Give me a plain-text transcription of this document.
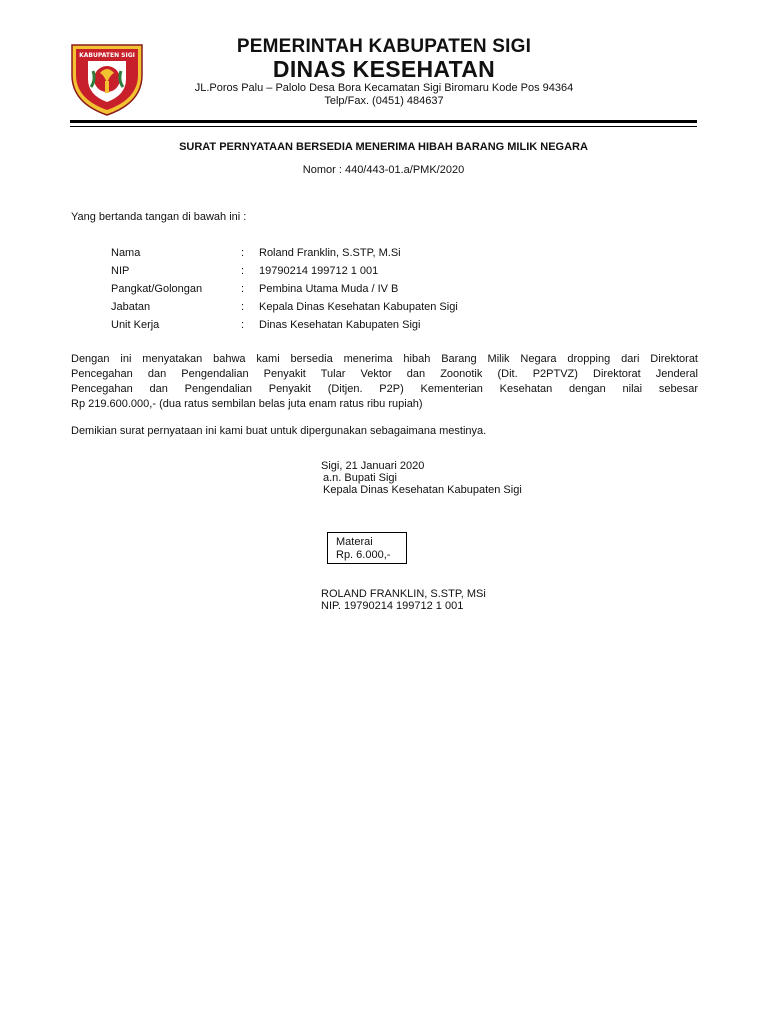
KABUPATEN SIGI	PEMERINTAH KABUPATEN SIGI
DINAS KESEHATAN
JL.Poros Palu – Palolo Desa Bora Kecamatan Sigi Biromaru Kode Pos 94364
Telp/Fax. (0451) 484637
SURAT PERNYATAAN BERSEDIA MENERIMA HIBAH BARANG MILIK NEGARA
Nomor : 440/443-01.a/PMK/2020
Yang bertanda tangan di bawah ini :
Nama	: Roland Franklin, S.STP, M.Si
NIP	: 19790214 199712 1 001
Pangkat/Golongan	: Pembina Utama Muda / IV B
Jabatan	: Kepala Dinas Kesehatan Kabupaten Sigi
Unit Kerja	: Dinas Kesehatan Kabupaten Sigi
Dengan ini menyatakan bahwa kami bersedia menerima hibah Barang Milik Negara dropping dari Direktorat
Pencegahan dan Pengendalian Penyakit Tular Vektor dan Zoonotik (Dit. P2PTVZ) Direktorat Jenderal
Pencegahan dan Pengendalian Penyakit (Ditjen. P2P) Kementerian Kesehatan dengan nilai sebesar
Rp 219.600.000,- (dua ratus sembilan belas juta enam ratus ribu rupiah)
Demikian surat pernyataan ini kami buat untuk dipergunakan sebagaimana mestinya.
Sigi, 21 Januari 2020
a.n. Bupati Sigi
Kepala Dinas Kesehatan Kabupaten Sigi
Materai
Rp. 6.000,-
ROLAND FRANKLIN, S.STP, MSi
NIP. 19790214 199712 1 001
